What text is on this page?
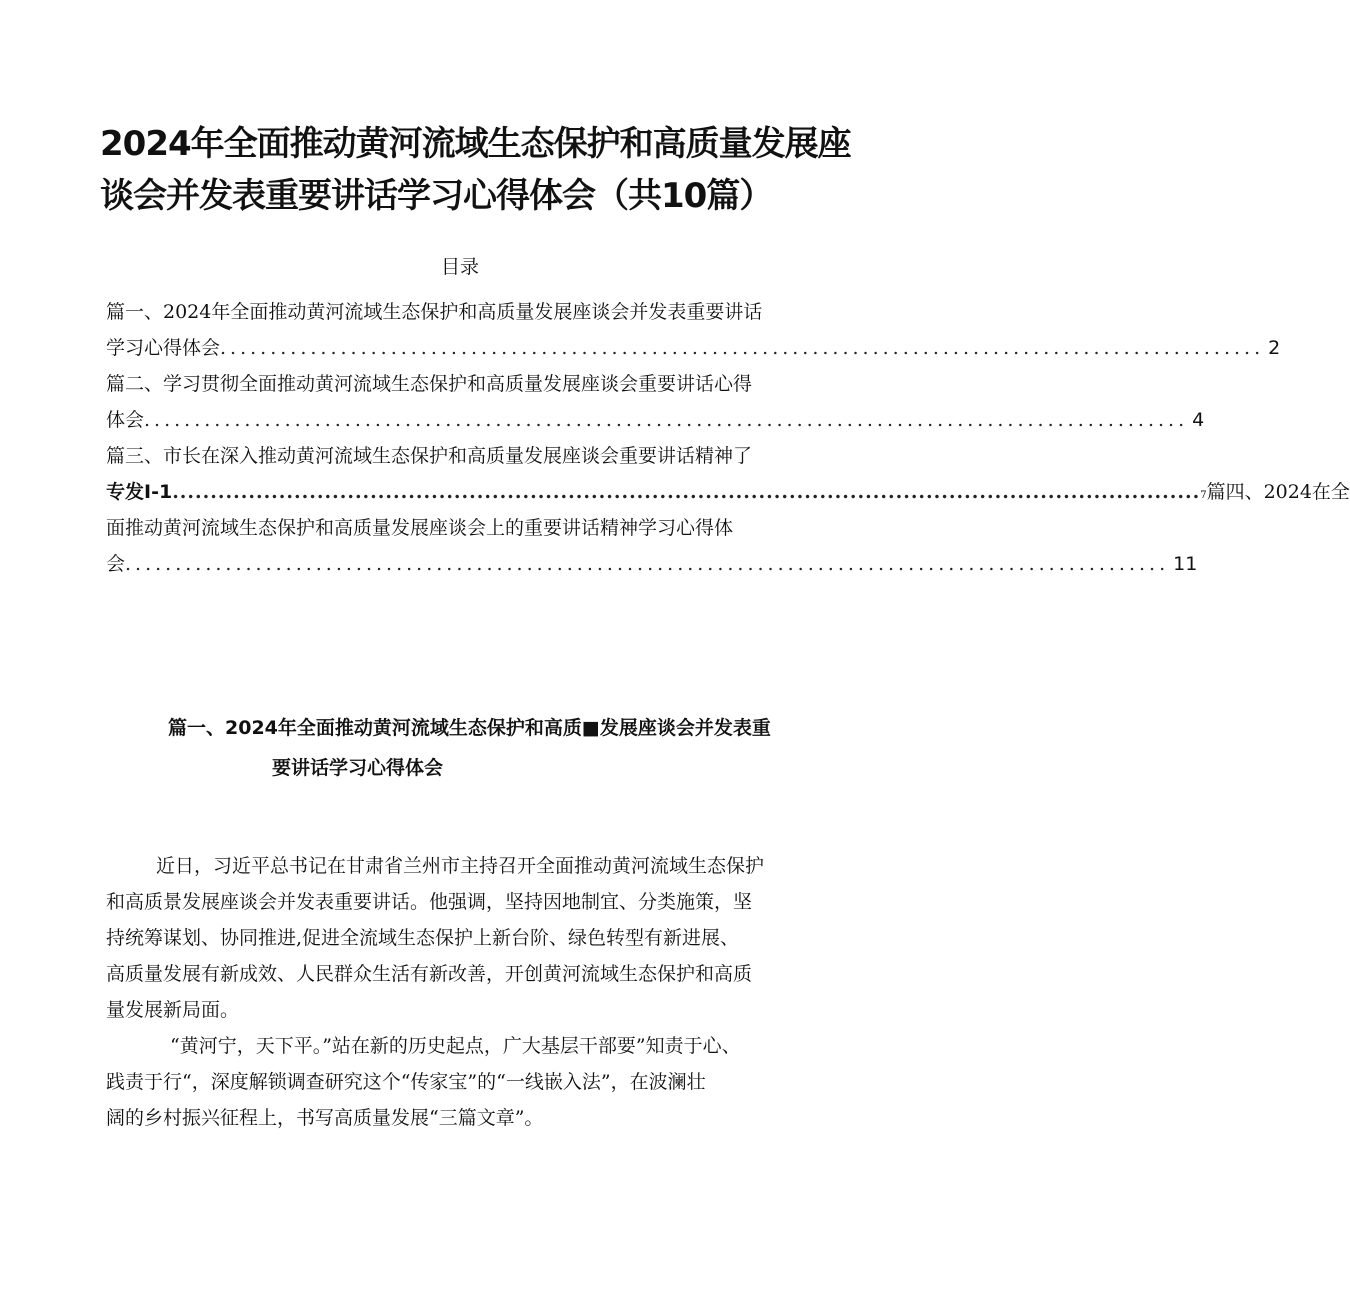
2024年全面推动黄河流域生态保护和高质量发展座
谈会并发表重要讲话学习心得体会（共10篇）
目录
篇一、2024年全面推动黄河流域生态保护和高质量发展座谈会并发表重要讲话
学习心得体会 ........................................................................................................ 2
篇二、学习贯彻全面推动黄河流域生态保护和高质量发展座谈会重要讲话心得
体会 ........................................................................................................ 4
篇三、市长在深入推动黄河流域生态保护和高质量发展座谈会重要讲话精神了
专发I-1 ....................................................................................................................................... 7 篇四、2024在全
面推动黄河流域生态保护和高质量发展座谈会上的重要讲话精神学习心得体
会 ........................................................................................................ 11
篇一、2024年全面推动黄河流域生态保护和高质■发展座谈会并发表重
要讲话学习心得体会
近日，习近平总书记在甘肃省兰州市主持召开全面推动黄河流域生态保护
和高质景发展座谈会并发表重要讲话。他强调，坚持因地制宜、分类施策，坚
持统筹谋划、协同推进,促进全流域生态保护上新台阶、绿色转型有新进展、
高质量发展有新成效、人民群众生活有新改善，开创黄河流域生态保护和高质
量发展新局面。
“黄河宁，天下平。”站在新的历史起点，广大基层干部要”知责于心、
践责于行“，深度解锁调查研究这个“传家宝”的“一线嵌入法”，在波澜壮
阔的乡村振兴征程上，书写高质量发展“三篇文章”。
